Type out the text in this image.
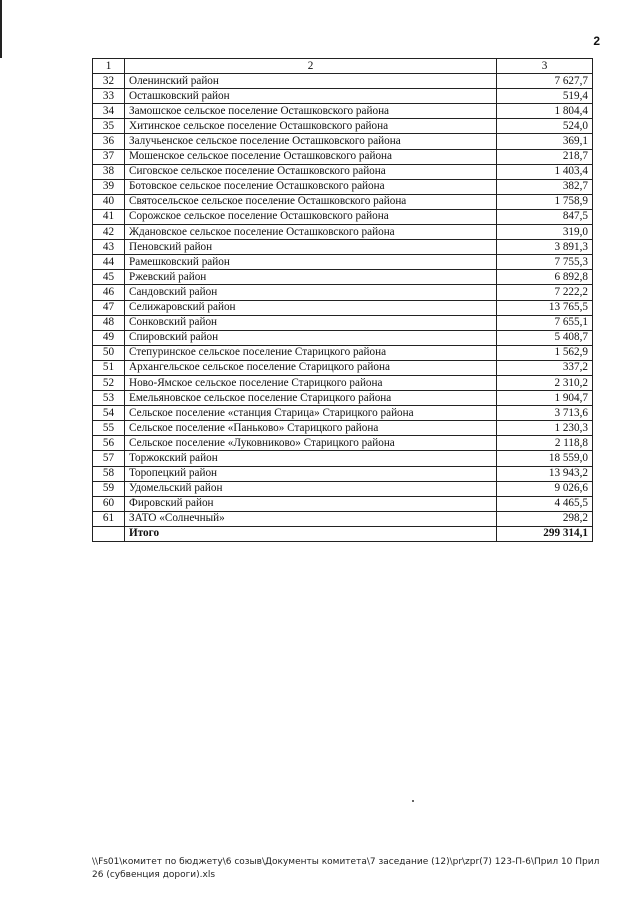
2
1	2	3
32	Оленинский район	7 627,7
33	Осташковский район	519,4
34	Замошское сельское поселение Осташковского района	1 804,4
35	Хитинское сельское поселение Осташковского района	524,0
36	Залучьенское сельское поселение Осташковского района	369,1
37	Мошенское сельское поселение Осташковского района	218,7
38	Сиговское сельское поселение Осташковского района	1 403,4
39	Ботовское сельское поселение Осташковского района	382,7
40	Святосельское сельское поселение Осташковского района	1 758,9
41	Сорожское сельское поселение Осташковского района	847,5
42	Ждановское сельское поселение Осташковского района	319,0
43	Пеновский район	3 891,3
44	Рамешковский район	7 755,3
45	Ржевский район	6 892,8
46	Сандовский район	7 222,2
47	Селижаровский район	13 765,5
48	Сонковский район	7 655,1
49	Спировский район	5 408,7
50	Степуринское сельское поселение Старицкого района	1 562,9
51	Архангельское сельское поселение Старицкого района	337,2
52	Ново-Ямское сельское поселение Старицкого района	2 310,2
53	Емельяновское сельское поселение Старицкого района	1 904,7
54	Сельское поселение «станция Старица» Старицкого района	3 713,6
55	Сельское поселение «Паньково» Старицкого района	1 230,3
56	Сельское поселение «Луковниково» Старицкого района	2 118,8
57	Торжокский район	18 559,0
58	Торопецкий район	13 943,2
59	Удомельский район	9 026,6
60	Фировский район	4 465,5
61	ЗАТО «Солнечный»	298,2
	Итого	299 314,1
\\Fs01\комитет по бюджету\6 созыв\Документы комитета\7 заседание (12)\pr\zpr(7) 123-П-6\Прил 10 Прил 26 (субвенция дороги).xls
